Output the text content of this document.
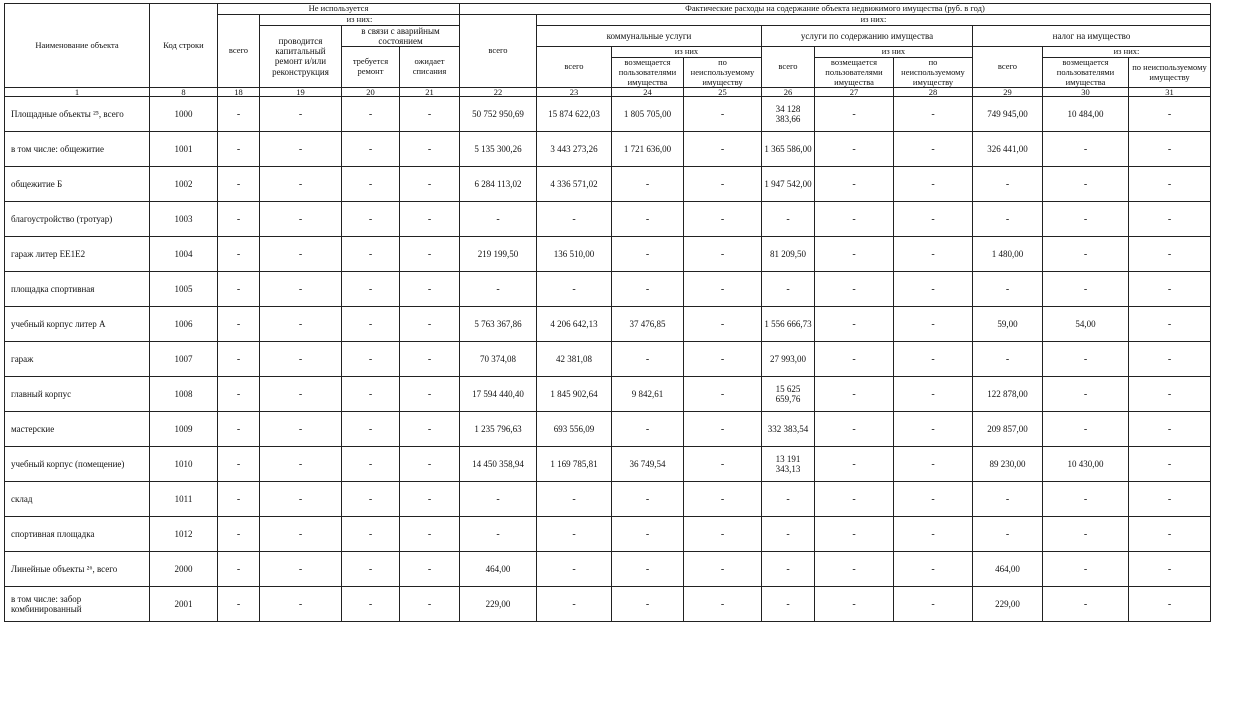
Наименование объекта	Код строки	Не используется				Фактические расходы на содержание объекта недвижимого имущества (руб. в год)									
		всего	из них:			всего	из них:								
			проводится капитальный ремонт и/или реконструкция	в связи с аварийным состоянием			коммунальные услуги			услуги по содержанию имущества			налог на имущество		
				требуется ремонт	ожидает списания		всего	из них		всего	из них		всего	из них:	
								возмещается пользователями имущества	по неиспользуемому имуществу		возмещается пользователями имущества	по неиспользуемому имуществу		возмещается пользователями имущества	по неиспользуемому имуществу
1	8	18	19	20	21	22	23	24	25	26	27	28	29	30	31
Площадные объекты ²⁵, всего	1000	-	-	-	-	50 752 950,69	15 874 622,03	1 805 705,00	-	34 128 383,66	-	-	749 945,00	10 484,00	-
в том числе: общежитие	1001	-	-	-	-	5 135 300,26	3 443 273,26	1 721 636,00	-	1 365 586,00	-	-	326 441,00	-	-
общежитие Б	1002	-	-	-	-	6 284 113,02	4 336 571,02	-	-	1 947 542,00	-	-	-	-	-
благоустройство (тротуар)	1003	-	-	-	-	-	-	-	-	-	-	-	-	-	-
гараж литер ЕЕ1Е2	1004	-	-	-	-	219 199,50	136 510,00	-	-	81 209,50	-	-	1 480,00	-	-
площадка спортивная	1005	-	-	-	-	-	-	-	-	-	-	-	-	-	-
учебный корпус литер А	1006	-	-	-	-	5 763 367,86	4 206 642,13	37 476,85	-	1 556 666,73	-	-	59,00	54,00	-
гараж	1007	-	-	-	-	70 374,08	42 381,08	-	-	27 993,00	-	-	-	-	-
главный корпус	1008	-	-	-	-	17 594 440,40	1 845 902,64	9 842,61	-	15 625 659,76	-	-	122 878,00	-	-
мастерские	1009	-	-	-	-	1 235 796,63	693 556,09	-	-	332 383,54	-	-	209 857,00	-	-
учебный корпус (помещение)	1010	-	-	-	-	14 450 358,94	1 169 785,81	36 749,54	-	13 191 343,13	-	-	89 230,00	10 430,00	-
склад	1011	-	-	-	-	-	-	-	-	-	-	-	-	-	-
спортивная площадка	1012	-	-	-	-	-	-	-	-	-	-	-	-	-	-
Линейные объекты ²⁶, всего	2000	-	-	-	-	464,00	-	-	-	-	-	-	464,00	-	-
в том числе: забор комбинированный	2001	-	-	-	-	229,00	-	-	-	-	-	-	229,00	-	-
